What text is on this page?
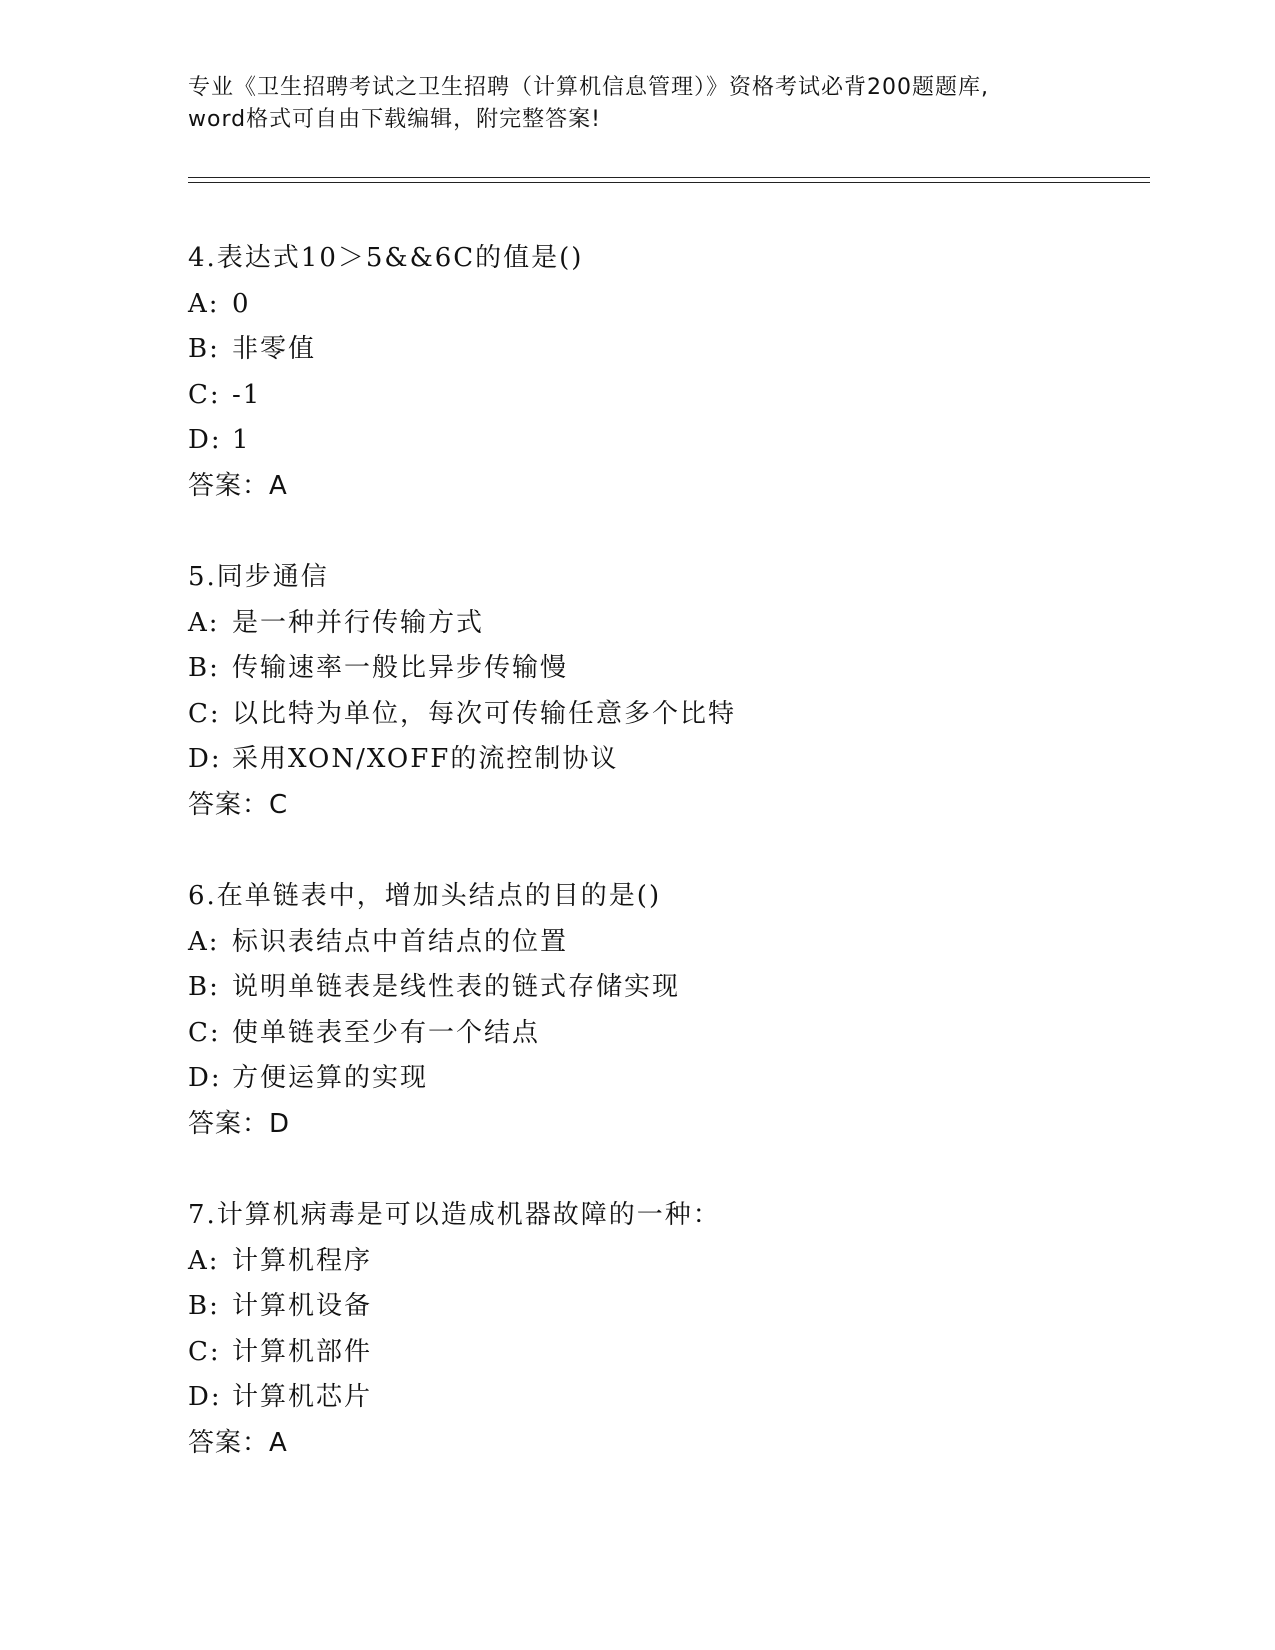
专业《卫生招聘考试之卫生招聘（计算机信息管理）》资格考试必背200题题库,
word格式可自由下载编辑，附完整答案!
4.表达式10＞5&&6C的值是()
A: 0
B: 非零值
C: -1
D: 1
答案：A
5.同步通信
A: 是一种并行传输方式
B: 传输速率一般比异步传输慢
C: 以比特为单位，每次可传输任意多个比特
D: 采用XON/XOFF的流控制协议
答案：C
6.在单链表中，增加头结点的目的是()
A: 标识表结点中首结点的位置
B: 说明单链表是线性表的链式存储实现
C: 使单链表至少有一个结点
D: 方便运算的实现
答案：D
7.计算机病毒是可以造成机器故障的一种：
A: 计算机程序
B: 计算机设备
C: 计算机部件
D: 计算机芯片
答案：A
